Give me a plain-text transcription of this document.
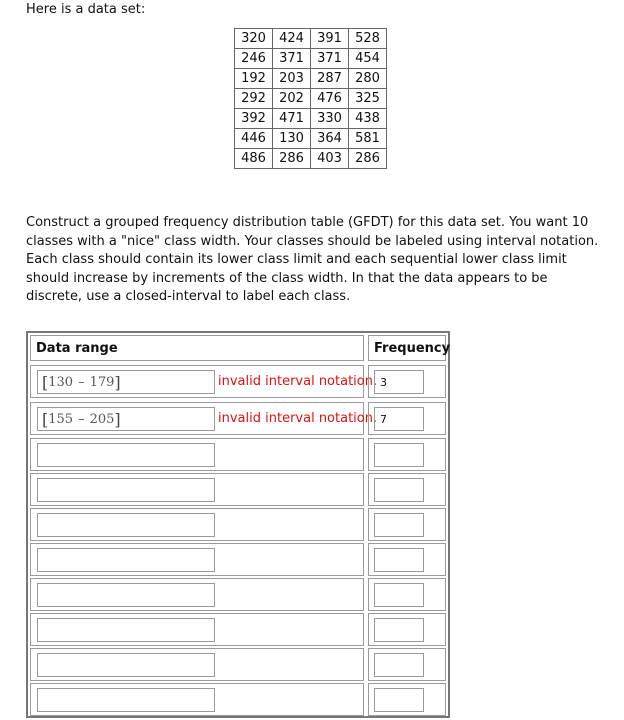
Here is a data set:
320	424	391	528
246	371	371	454
192	203	287	280
292	202	476	325
392	471	330	438
446	130	364	581
486	286	403	286
Construct a grouped frequency distribution table (GFDT) for this data set. You want 10 classes with a "nice" class width. Your classes should be labeled using interval notation. Each class should contain its lower class limit and each sequential lower class limit should increase by increments of the class width. In that the data appears to be discrete, use a closed-interval to label each class.
Data range	Frequency
[ 130 – 179 ]	invalid interval notation. 3
[ 155 – 205 ]	invalid interval notation. 7
